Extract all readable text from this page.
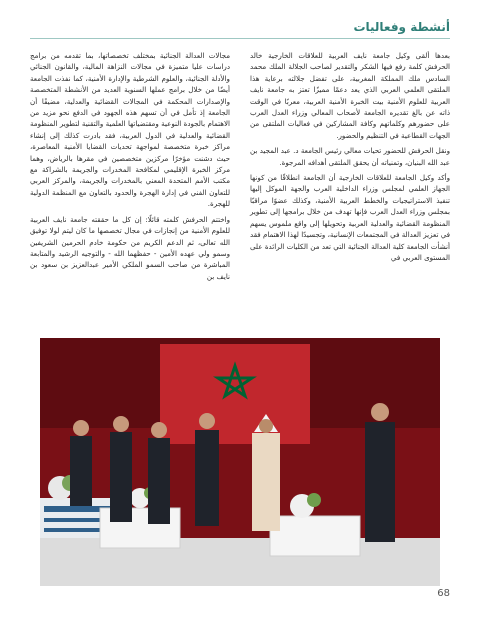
أنشطة وفعاليات

بعدها ألقى وكيل جامعة نايف العربية للعلاقات الخارجية خالد الحرفش كلمة رفع فيها الشكر والتقدير لصاحب الجلالة الملك محمد السادس ملك المملكة المغربية، على تفضل جلالته برعاية هذا الملتقى العلمي العربي الذي يعد دعمًا مميزًا تعتز به جامعة نايف العربية للعلوم الأمنية بيت الخبرة الأمنية العربية، معربًا في الوقت ذاته عن بالغ تقديره الجامعة لأصحاب المعالي وزراء العدل العرب على حضورهم وكلماتهم وكافة المشاركين في فعاليات الملتقى من الجهات القطاعية في التنظيم والحضور.

ونقل الحرفش للحضور تحيات معالي رئيس الجامعة د. عبد المجيد بن عبد الله البنيان، وتمنياته أن يحقق الملتقى أهدافه المرجوة.

وأكد وكيل الجامعة للعلاقات الخارجية أن الجامعة انطلاقًا من كونها الجهاز العلمي لمجلس وزراء الداخلية العرب والجهة الموكل إليها تنفيذ الاستراتيجيات والخطط العربية الأمنية، وكذلك عضوًا مراقبًا بمجلس وزراء العدل العرب فإنها تهدف من خلال برامجها إلى تطوير المنظومة القضائية والعدلية العربية وتحويلها إلى واقع ملموس يسهم في تعزيز العدالة في المجتمعات الإنسانية، وتجسيدًا لهذا الاهتمام فقد أنشأت الجامعة كلية العدالة الجنائية التي تعد من الكليات الرائدة على المستوى العربي في

مجالات العدالة الجنائية بمختلف تخصصاتها، بما تقدمه من برامج دراسات عليا متميزة في مجالات النزاهة المالية، والقانون الجنائي والأدلة الجنائية، والعلوم الشرطية والإدارة الأمنية، كما نفذت الجامعة أيضًا من خلال برامج عملها السنوية العديد من الأنشطة المتخصصة والإصدارات المحكمة في المجالات القضائية والعدلية، مضيفًا أن الجامعة إذ تأمل في أن تسهم هذه الجهود في الدفع نحو مزيد من الاهتمام بالجودة النوعية ومقتضياتها العلمية والتقنية لتطوير المنظومة القضائية والعدلية في الدول العربية، فقد بادرت كذلك إلى إنشاء مراكز خبرة متخصصة لمواجهة تحديات القضايا الأمنية المعاصرة، حيث دشنت مؤخرًا مركزين متخصصين في مقرها بالرياض، وهما مركز الخبرة الإقليمي لمكافحة المخدرات والجريمة بالشراكة مع مكتب الأمم المتحدة المعني بالمخدرات والجريمة، والمركز العربي للتعاون الفني في إدارة الهجرة والحدود بالتعاون مع المنظمة الدولية للهجرة.

واختتم الحرفش كلمته قائلًا: إن كل ما حققته جامعة نايف العربية للعلوم الأمنية من إنجازات في مجال تخصصها ما كان ليتم لولا توفيق الله تعالى، ثم الدعم الكريم من حكومة خادم الحرمين الشريفين وسمو ولي عهده الأمين - حفظهما الله - والتوجيه الرشيد والمتابعة المباشرة من صاحب السمو الملكي الأمير عبدالعزيز بن سعود بن نايف بن

68
